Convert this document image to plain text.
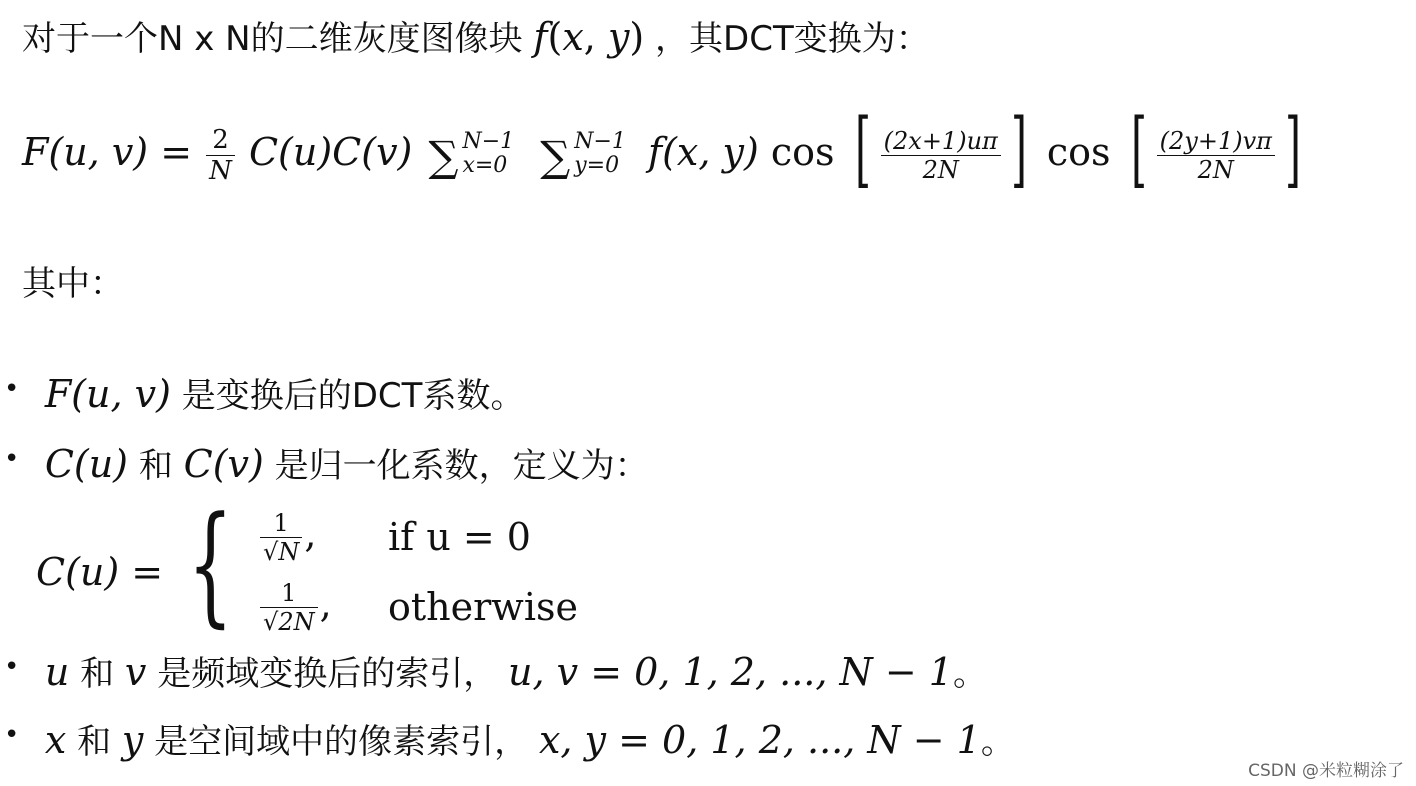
对于一个N x N的二维灰度图像块 f(x, y) ，其DCT变换为：
F(u, $v) = \frac{2}{N} C(u)C(v)$ ∑ N−1
x=0 ∑ N−1
y=0 f(x, y) cos [ $\frac{(2x+1)u\pi}{2N}$ ] cos [ $\frac{(2y+1)v\pi}{2N}$ ]
其中：
• F(u, v) 是变换后的DCT系数。
• C(u) 和 C(v) 是归一化系数，定义为：
C(u) = { $\frac{1}{√N}$ ,	if u = 0
$\frac{1}{√2N}$ ,	otherwise
• u 和 v 是频域变换后的索引， u, v = 0, 1, 2, ..., N − 1。
• x 和 y 是空间域中的像素索引， x, y = 0, 1, 2, ..., N − 1。
CSDN @米粒糊涂了
